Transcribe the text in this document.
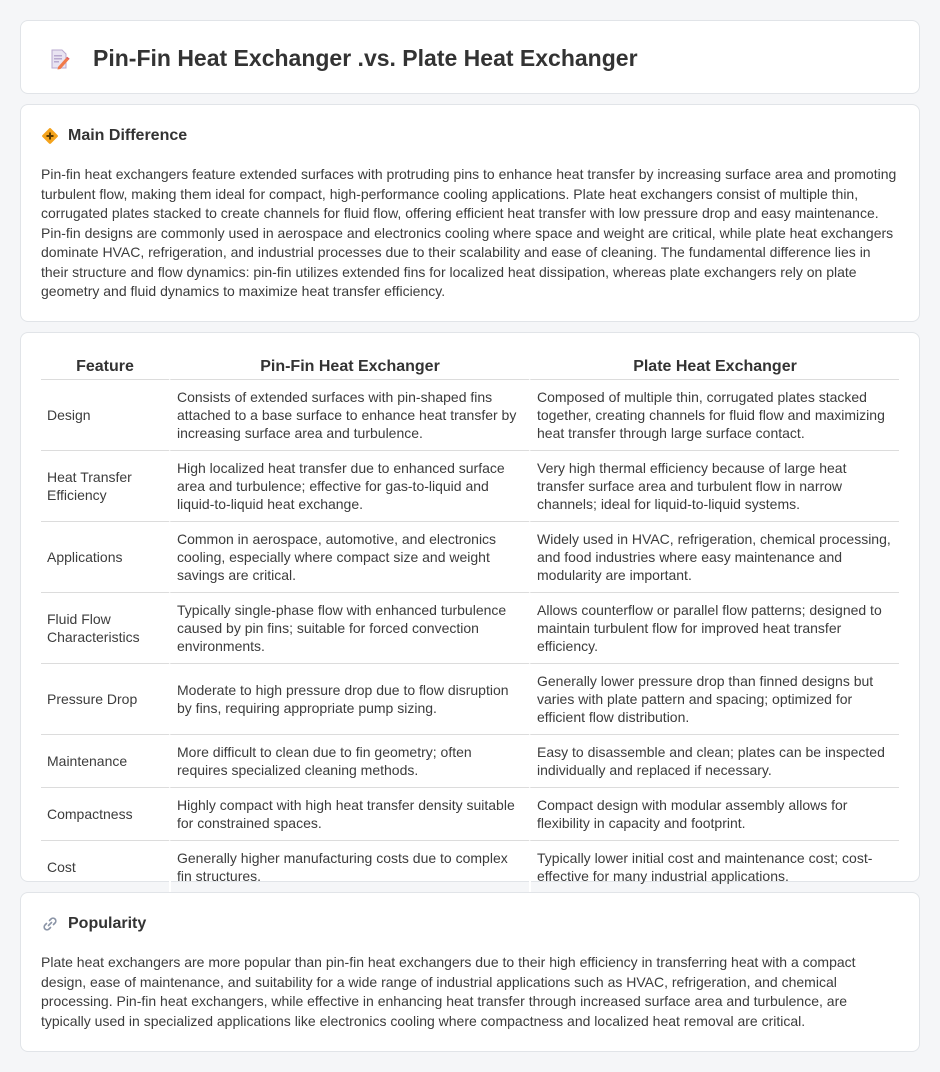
Pin-Fin Heat Exchanger .vs. Plate Heat Exchanger
Main Difference

Pin-fin heat exchangers feature extended surfaces with protruding pins to enhance heat transfer by increasing surface area and promoting turbulent flow, making them ideal for compact, high-performance cooling applications. Plate heat exchangers consist of multiple thin, corrugated plates stacked to create channels for fluid flow, offering efficient heat transfer with low pressure drop and easy maintenance. Pin-fin designs are commonly used in aerospace and electronics cooling where space and weight are critical, while plate heat exchangers dominate HVAC, refrigeration, and industrial processes due to their scalability and ease of cleaning. The fundamental difference lies in their structure and flow dynamics: pin-fin utilizes extended fins for localized heat dissipation, whereas plate exchangers rely on plate geometry and fluid dynamics to maximize heat transfer efficiency.

Feature	Pin-Fin Heat Exchanger	Plate Heat Exchanger
Design	Consists of extended surfaces with pin-shaped fins attached to a base surface to enhance heat transfer by increasing surface area and turbulence.	Composed of multiple thin, corrugated plates stacked together, creating channels for fluid flow and maximizing heat transfer through large surface contact.
Heat Transfer Efficiency	High localized heat transfer due to enhanced surface area and turbulence; effective for gas-to-liquid and liquid-to-liquid heat exchange.	Very high thermal efficiency because of large heat transfer surface area and turbulent flow in narrow channels; ideal for liquid-to-liquid systems.
Applications	Common in aerospace, automotive, and electronics cooling, especially where compact size and weight savings are critical.	Widely used in HVAC, refrigeration, chemical processing, and food industries where easy maintenance and modularity are important.
Fluid Flow Characteristics	Typically single-phase flow with enhanced turbulence caused by pin fins; suitable for forced convection environments.	Allows counterflow or parallel flow patterns; designed to maintain turbulent flow for improved heat transfer efficiency.
Pressure Drop	Moderate to high pressure drop due to flow disruption by fins, requiring appropriate pump sizing.	Generally lower pressure drop than finned designs but varies with plate pattern and spacing; optimized for efficient flow distribution.
Maintenance	More difficult to clean due to fin geometry; often requires specialized cleaning methods.	Easy to disassemble and clean; plates can be inspected individually and replaced if necessary.
Compactness	Highly compact with high heat transfer density suitable for constrained spaces.	Compact design with modular assembly allows for flexibility in capacity and footprint.
Cost	Generally higher manufacturing costs due to complex fin structures.	Typically lower initial cost and maintenance cost; cost-effective for many industrial applications.
Popularity

Plate heat exchangers are more popular than pin-fin heat exchangers due to their high efficiency in transferring heat with a compact design, ease of maintenance, and suitability for a wide range of industrial applications such as HVAC, refrigeration, and chemical processing. Pin-fin heat exchangers, while effective in enhancing heat transfer through increased surface area and turbulence, are typically used in specialized applications like electronics cooling where compactness and localized heat removal are critical.
